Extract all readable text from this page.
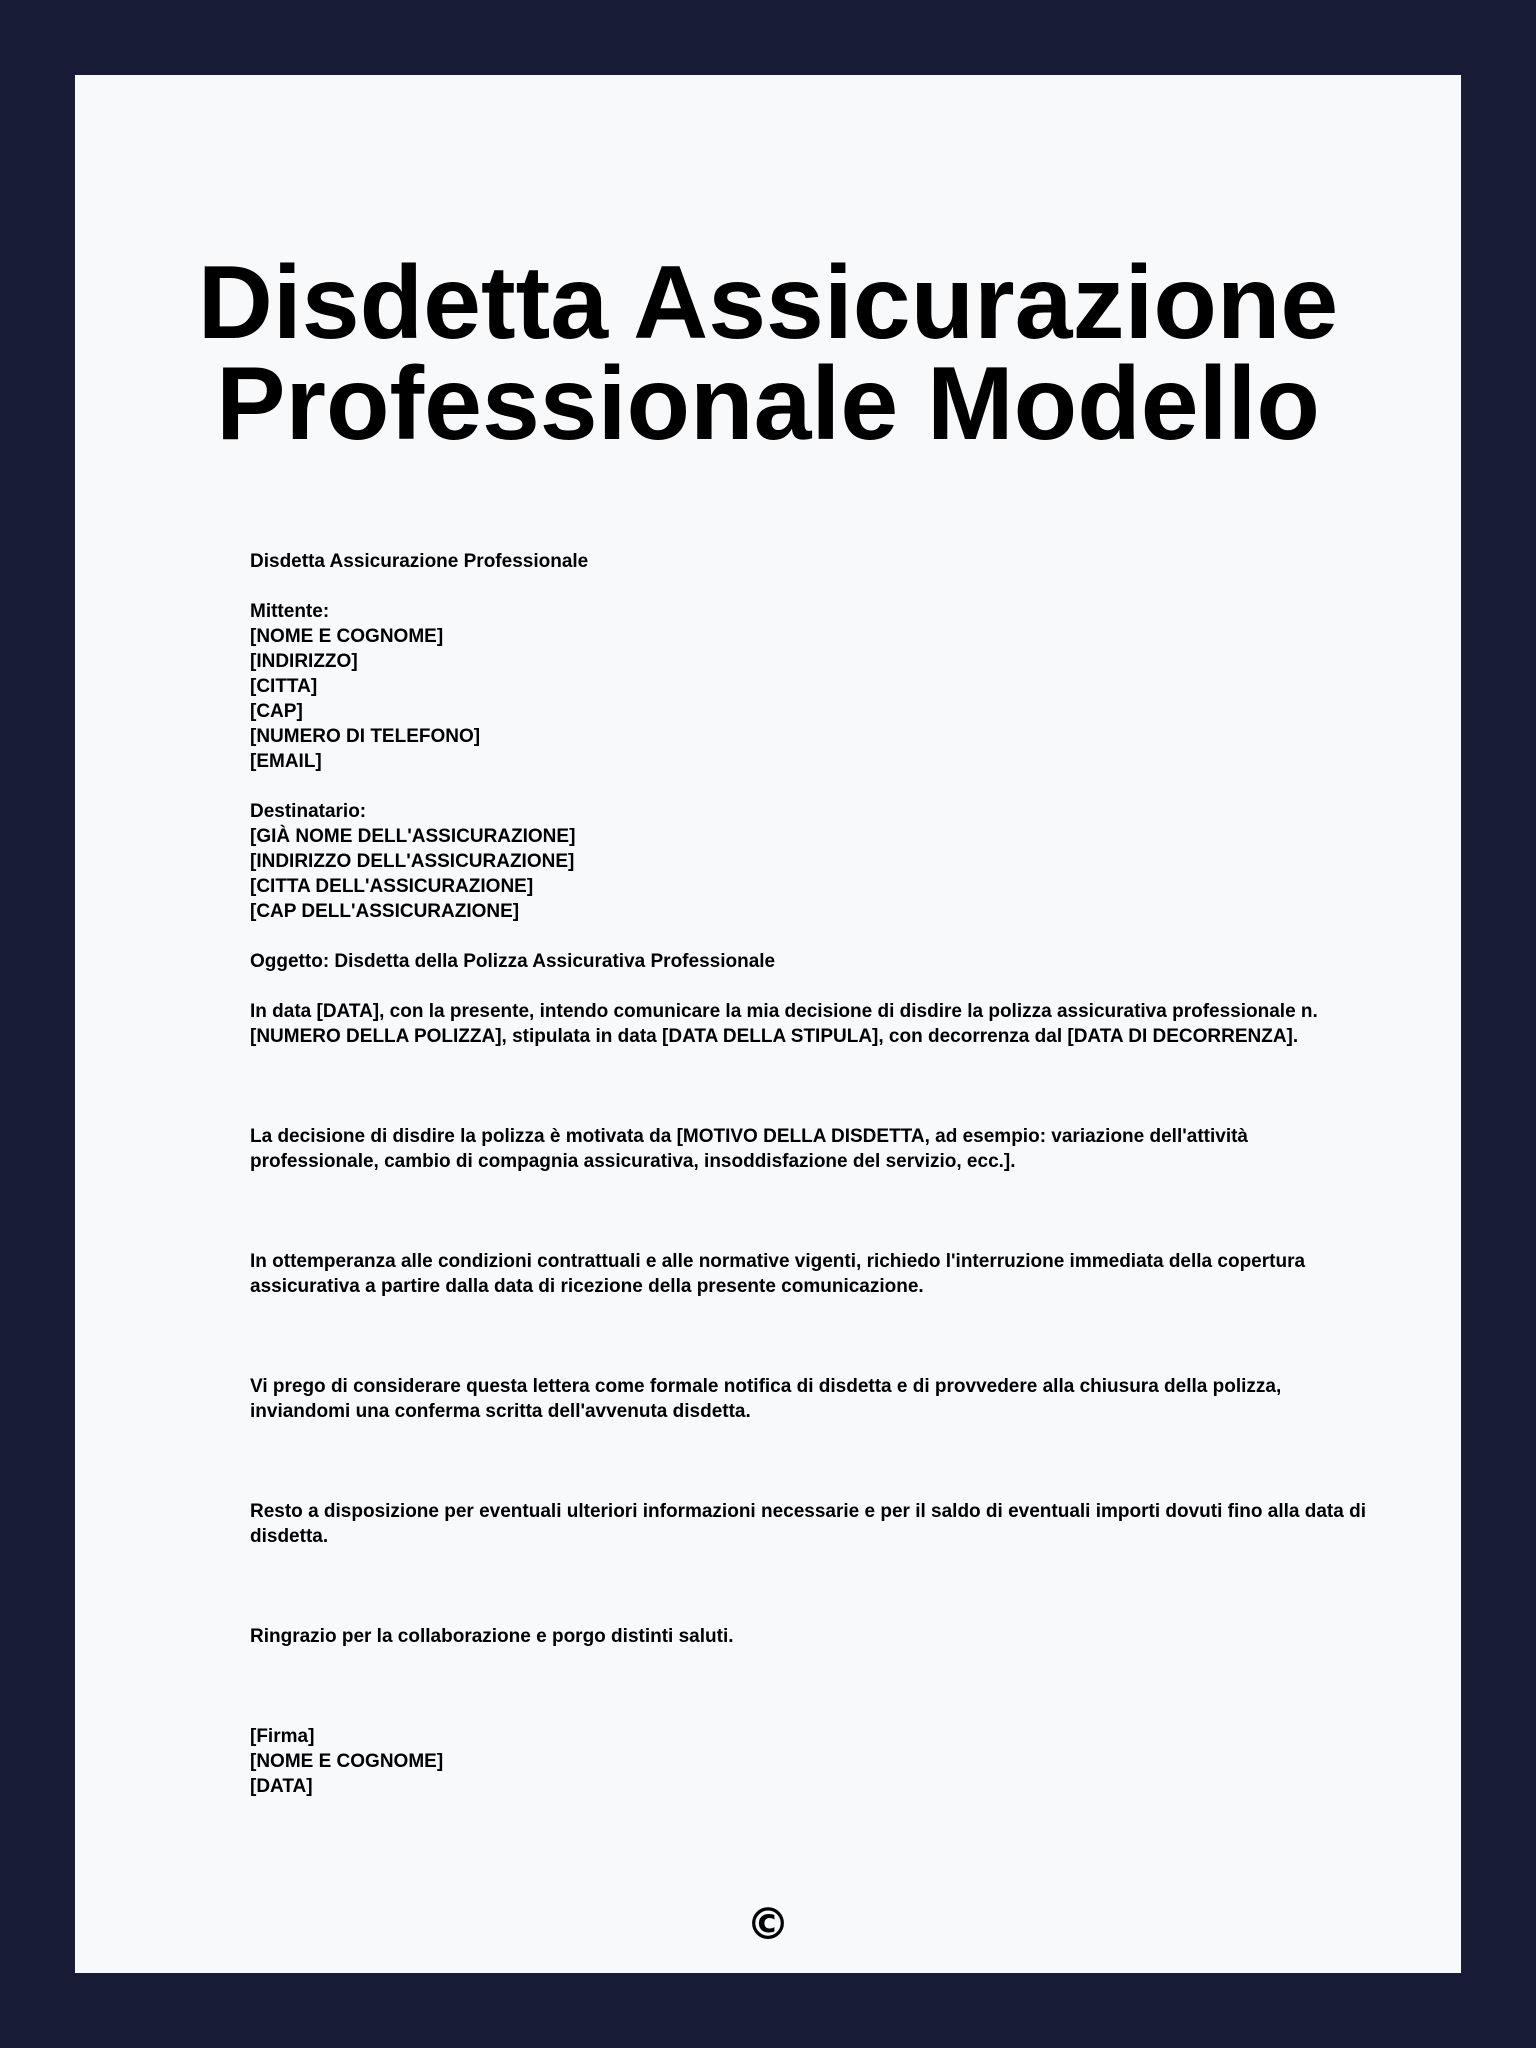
Disdetta Assicurazione
Professionale Modello

Disdetta Assicurazione Professionale

Mittente:
[NOME E COGNOME]
[INDIRIZZO]
[CITTA]
[CAP]
[NUMERO DI TELEFONO]
[EMAIL]
Destinatario:
[GIÀ NOME DELL'ASSICURAZIONE]
[INDIRIZZO DELL'ASSICURAZIONE]
[CITTA DELL'ASSICURAZIONE]
[CAP DELL'ASSICURAZIONE]

Oggetto: Disdetta della Polizza Assicurativa Professionale

In data [DATA], con la presente, intendo comunicare la mia decisione di disdire la polizza assicurativa professionale n. [NUMERO DELLA POLIZZA], stipulata in data [DATA DELLA STIPULA], con decorrenza dal [DATA DI DECORRENZA].

La decisione di disdire la polizza è motivata da [MOTIVO DELLA DISDETTA, ad esempio: variazione dell'attività professionale, cambio di compagnia assicurativa, insoddisfazione del servizio, ecc.].

In ottemperanza alle condizioni contrattuali e alle normative vigenti, richiedo l'interruzione immediata della copertura assicurativa a partire dalla data di ricezione della presente comunicazione.

Vi prego di considerare questa lettera come formale notifica di disdetta e di provvedere alla chiusura della polizza, inviandomi una conferma scritta dell'avvenuta disdetta.

Resto a disposizione per eventuali ulteriori informazioni necessarie e per il saldo di eventuali importi dovuti fino alla data di disdetta.

Ringrazio per la collaborazione e porgo distinti saluti.

[Firma]
[NOME E COGNOME]
[DATA]
©
